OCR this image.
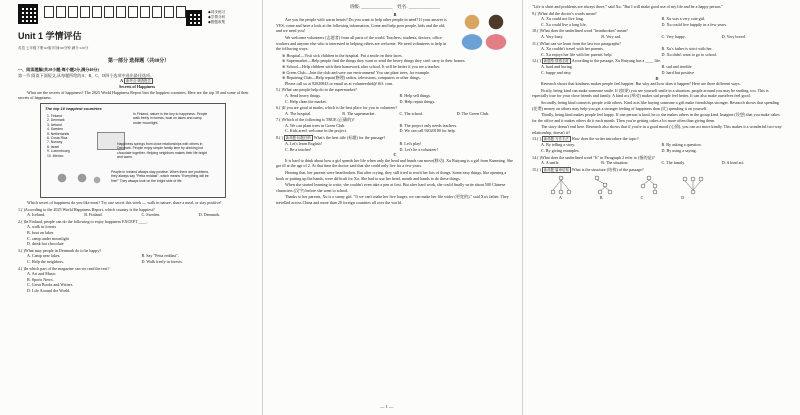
◆同步练习
◆学情分析
◆错题收集
Unit 1 学情评估
英语 七年级下册 RJ版 时间:90分钟 满分:120分
第一部分 选择题（共80分）
一、阅读理解(共20小题;每小题2分,满分40分)
第一节 阅读下面短文,从每题所给的A、B、C、D四个选项中选出最佳选项。
A 新考点·调查报告
Secrets of Happiness
What are the secrets of happiness? The 2025 World Happiness Report lists the happiest countries. Here are the top 10 and some of their secrets of happiness.
The top 10 happiest countries
1. Finland
2. Denmark
3. Iceland
4. Sweden
5. Netherlands
6. Costa Rica
7. Norway
8. Israel
9. Luxembourg
10. Mexico
In Finland, nature is the key to happiness. People walk freely in forests, boat on lakes and camp under moonlight.
Happiness springs from close relationships with others in Denmark. People enjoy simple family time by drinking hot chocolate together. Helping neighbors makes their life bright and warm.
People in Iceland always stay positive. When there are problems, they always say "Petta reddast", which means "Everything will be fine!" They always look on the bright side of life.
Which secret of happiness do you like most? Try one secret this week — walk in nature, share a meal, or stay positive!
1.( )According to the 2025 World Happiness Report, which country is the happiest?
A. Iceland.	B. Finland.	C. Sweden.	D. Denmark.
2.( )In Finland, people can do the following to enjoy happiness EXCEPT ____.
A. walk in forests
B. boat on lakes
C. camp under moonlight
D. drink hot chocolate
3.( )What may people in Denmark do to be happy?
A. Camp near lakes.	B. Say "Petta reddast".
C. Help the neighbors.	D. Walk freely in forests.
4.( )In which part of the magazine can we read the text?
A. Art and Music.
B. Sports News.
C. Great Books and Writers.
D. Life Around the World.
班级: ______________    姓名: ______________
B
Are you the people with warm hearts? Do you want to help other people in need? If your answer is YES, come and have a look at the following information. Come and help poor people, kids and the old, and we need you!
We welcome volunteers (志愿者) from all parts of the world. Teachers, students, doctors, office workers and anyone else who is interested in helping others are welcome. We need volunteers to help in the following ways:
※ Hospital—Visit sick children in the hospital. Put a smile on their faces.
※ Supermarket—Help people find the things they want or send the heavy things they can't carry to their homes.
※ School—Help children with their homework after school. It will be better if you are a teacher.
※ Green Club—Join the club and save our environment! You can plant trees, for example.
※ Repairing Club—Help repair(修理) radios, televisions, computers or other things.
Please call us at 92020843 or email us at volunteerkid@163. com.
5.( )What can people help do in the supermarket?
A. Send heavy things.	B. Help sell things.
C. Help clean the market.	D. Help repair things.
6.( )If you are good at maths, which is the best place for you to volunteer?
A. The hospital.	B. The supermarket.	C. The school.	D. The Green Club.
7.( )Which of the following is TRUE (正确的)?
A. We can plant trees in Green Club.	B. The project only needs teachers.
C. Kids aren't welcome in the project.	D. We can call 92020180 for help.
8.( ) 新命题·标题归纳 What's the best title (标题) for the passage?
A. Let's learn English!	B. Let's play!
C. Be a teacher!	D. Let's be a volunteer!
C
It is hard to think about how a girl spends her life when only the head and hands can move(移动). Xu Ruiyang is a girl from Kunming. She got ill at the age of 2. At that time the doctor said that she could only live for a few years.
Hearing that, her parents were heartbroken. But after crying, they still tried to teach her lots of things. Some easy things, like opening a book or putting up the hands, were difficult for Xu. She had to use her head, mouth and hands to do these things.
When she started learning to write, she couldn't even take a pen at first. But after hard work, she could finally write about 500 Chinese characters (汉字) before she went to school.
Thanks to her parents, Xu is a sunny girl. "If we can't make her live longer, we can make her life wider (更宽的)," said Xu's father. They travelled across China and more than 20 foreign countries all over the world.
"Life is short and problems are always there," said Xu. "But I will make good use of my life and be a happy person."
9.( )What did the doctor's words mean?
A. Xu could not live long.	B. Xu was a very cute girl.
C. Xu could live a long life.	D. Xu could live happily in a few years.
10.( )What does the underlined word "heartbroken" mean?
A. Very busy.	B. Very sad.	C. Very happy.	D. Very bored.
11.( )What can we learn from the last two paragraphs?
A. Xu couldn't travel with her parents.	B. Xu's father is strict with her.
C. Xu enjoys her life with her parents' help.	D. Xu didn't want to go to school.
12.( ) 新题型·情感态度 According to the passage, Xu Ruiyang has a ____ life.
A. hard and boring	B. sad and terrible
C. happy and easy	D. hard but positive
D
Research shows that kindness makes people feel happier. But why and how does it happen? Here are three different ways.
Firstly, being kind can make someone smile. If (如果) you see yourself smile in a situation, people around you may be smiling, too. This is especially true for your close friends and family. A kind act (举动) makes sad people feel better. It can also make ourselves feel good.
Secondly, being kind connects people with others. Kind acts like buying someone a gift make friendships stronger. Research shows that spending (花费) money on others may help you get a stronger feeling of happiness than (比) spending it on yourself.
Thirdly, being kind makes people feel happy. If one person is kind, he or she makes others in the group kind. Imagine (设想) that you make cakes for the office and it makes others do it each month. Then you're getting cakes a lot more often than giving them.
The story doesn't end here. Research also shows that if you're in a good mood (心情), you can act more kindly. This makes it a wonderful two-way relationship, doesn't it?
13.( ) 新命题·写作手法 How does the writer introduce the topic?
A. By telling a story.	B. By asking a question.
C. By giving examples.	D. By using a saying.
14.( )What does the underlined word "It" in Paragraph 2 refer to (指的是)?
A. A smile.	B. The situation.	C. The family.	D. A kind act.
15.( ) 新命题·篇章结构 What is the structure (结构) of the passage?
A	B	C	D
— 1 —
